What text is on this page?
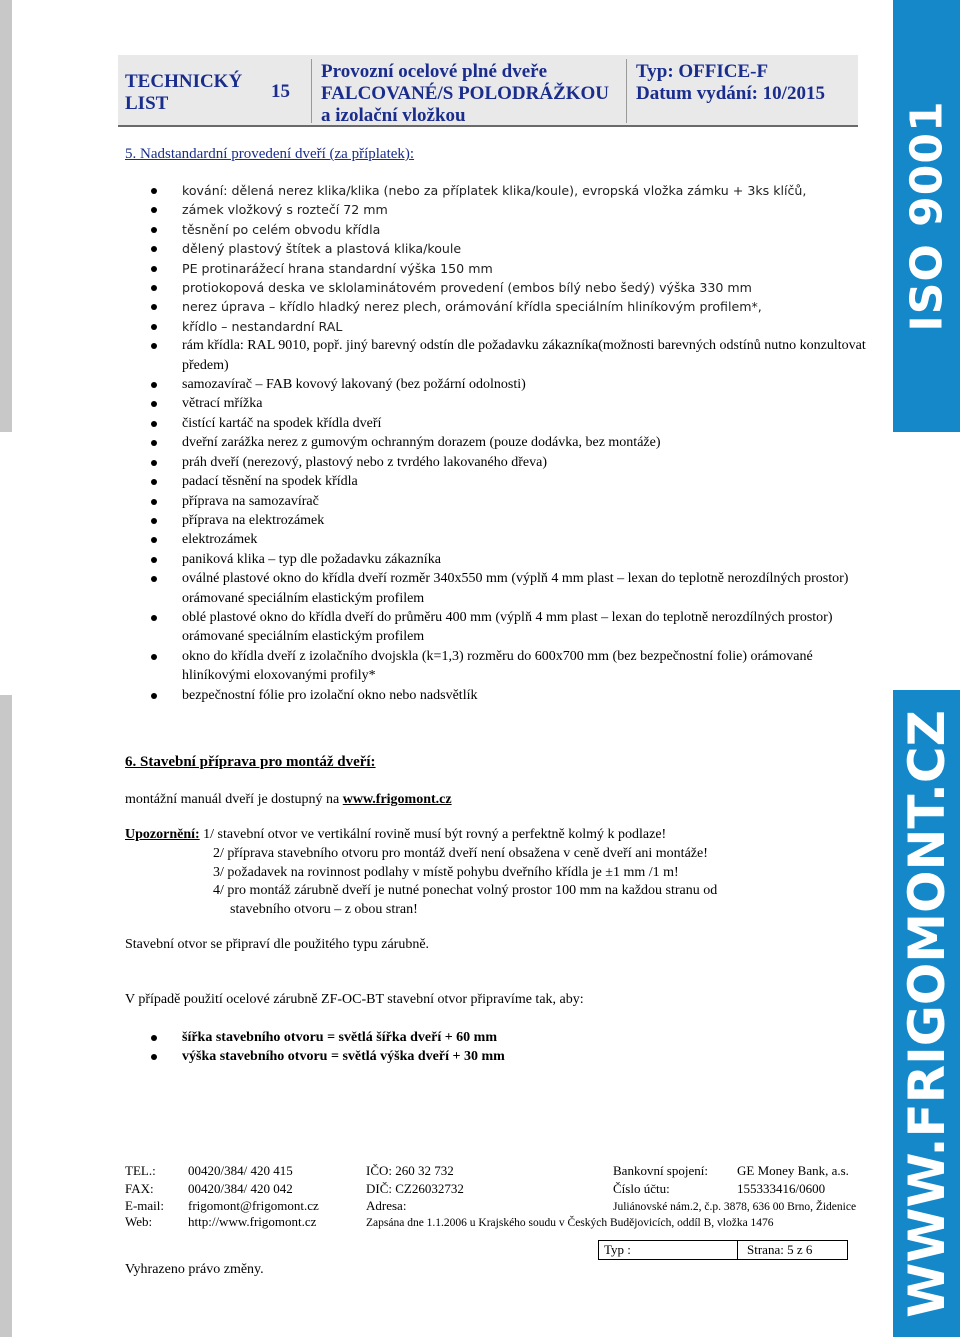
ISO 9001
WWW.FRIGOMONT.CZ
TECHNICKÝ
LIST
15
Provozní ocelové plné dveře
FALCOVANÉ/S POLODRÁŽKOU
a izolační vložkou
Typ: OFFICE-F
Datum vydání: 10/2015
5. Nadstandardní provedení dveří (za příplatek):
kování: dělená nerez klika/klika (nebo za příplatek klika/koule), evropská vložka zámku + 3ks klíčů,
zámek vložkový s roztečí 72 mm
těsnění po celém obvodu křídla
dělený plastový štítek a plastová klika/koule
PE protinarážecí hrana standardní výška 150 mm
protiokopová deska ve sklolaminátovém provedení (embos bílý nebo šedý) výška 330 mm
nerez úprava – křídlo hladký nerez plech, orámování křídla speciálním hliníkovým profilem*,
křídlo – nestandardní RAL
rám křídla: RAL 9010, popř. jiný barevný odstín dle požadavku zákazníka(možnosti barevných odstínů nutno konzultovat předem)
samozavírač – FAB kovový lakovaný (bez požární odolnosti)
větrací mřížka
čistící kartáč na spodek křídla dveří
dveřní zarážka nerez z gumovým ochranným dorazem (pouze dodávka, bez montáže)
práh dveří (nerezový, plastový nebo z tvrdého lakovaného dřeva)
padací těsnění na spodek křídla
příprava na samozavírač
příprava na elektrozámek
elektrozámek
paniková klika – typ dle požadavku zákazníka
oválné plastové okno do křídla dveří rozměr 340x550 mm (výplň 4 mm plast – lexan do teplotně nerozdílných prostor) orámované speciálním elastickým profilem
oblé plastové okno do křídla dveří do průměru 400 mm (výplň 4 mm plast – lexan do teplotně nerozdílných prostor) orámované speciálním elastickým profilem
okno do křídla dveří z izolačního dvojskla (k=1,3) rozměru do 600x700 mm (bez bezpečnostní folie) orámované hliníkovými eloxovanými profily*
bezpečnostní fólie pro izolační okno nebo nadsvětlík
6. Stavební příprava pro montáž dveří:
montážní manuál dveří je dostupný na www.frigomont.cz
Upozornění: 1/ stavební otvor ve vertikální rovině musí být rovný a perfektně kolmý k podlaze!
2/ příprava stavebního otvoru pro montáž dveří není obsažena v ceně dveří ani montáže!
3/ požadavek na rovinnost podlahy v místě pohybu dveřního křídla je ±1 mm /1 m!
4/ pro montáž zárubně dveří je nutné ponechat volný prostor 100 mm na každou stranu od
stavebního otvoru – z obou stran!
Stavební otvor se připraví dle použitého typu zárubně.
V případě použití ocelové zárubně ZF-OC-BT stavební otvor připravíme tak, aby:
šířka stavebního otvoru = světlá šířka dveří + 60 mm
výška stavebního otvoru = světlá výška dveří + 30 mm
TEL.: 00420/384/ 420 415
FAX:	00420/384/ 420 042
E-mail: frigomont@frigomont.cz
Web:	http://www.frigomont.cz
IČO: 260 32 732
DIČ: CZ26032732
Adresa:
Zapsána dne 1.1.2006 u Krajského soudu v Českých Budějovicích, oddíl B, vložka 1476
Bankovní spojení: GE Money Bank, a.s.
Číslo účtu:	155333416/0600
Juliánovské nám.2, č.p. 3878, 636 00 Brno, Židenice
Typ :	Strana: 5 z 6
Vyhrazeno právo změny.
